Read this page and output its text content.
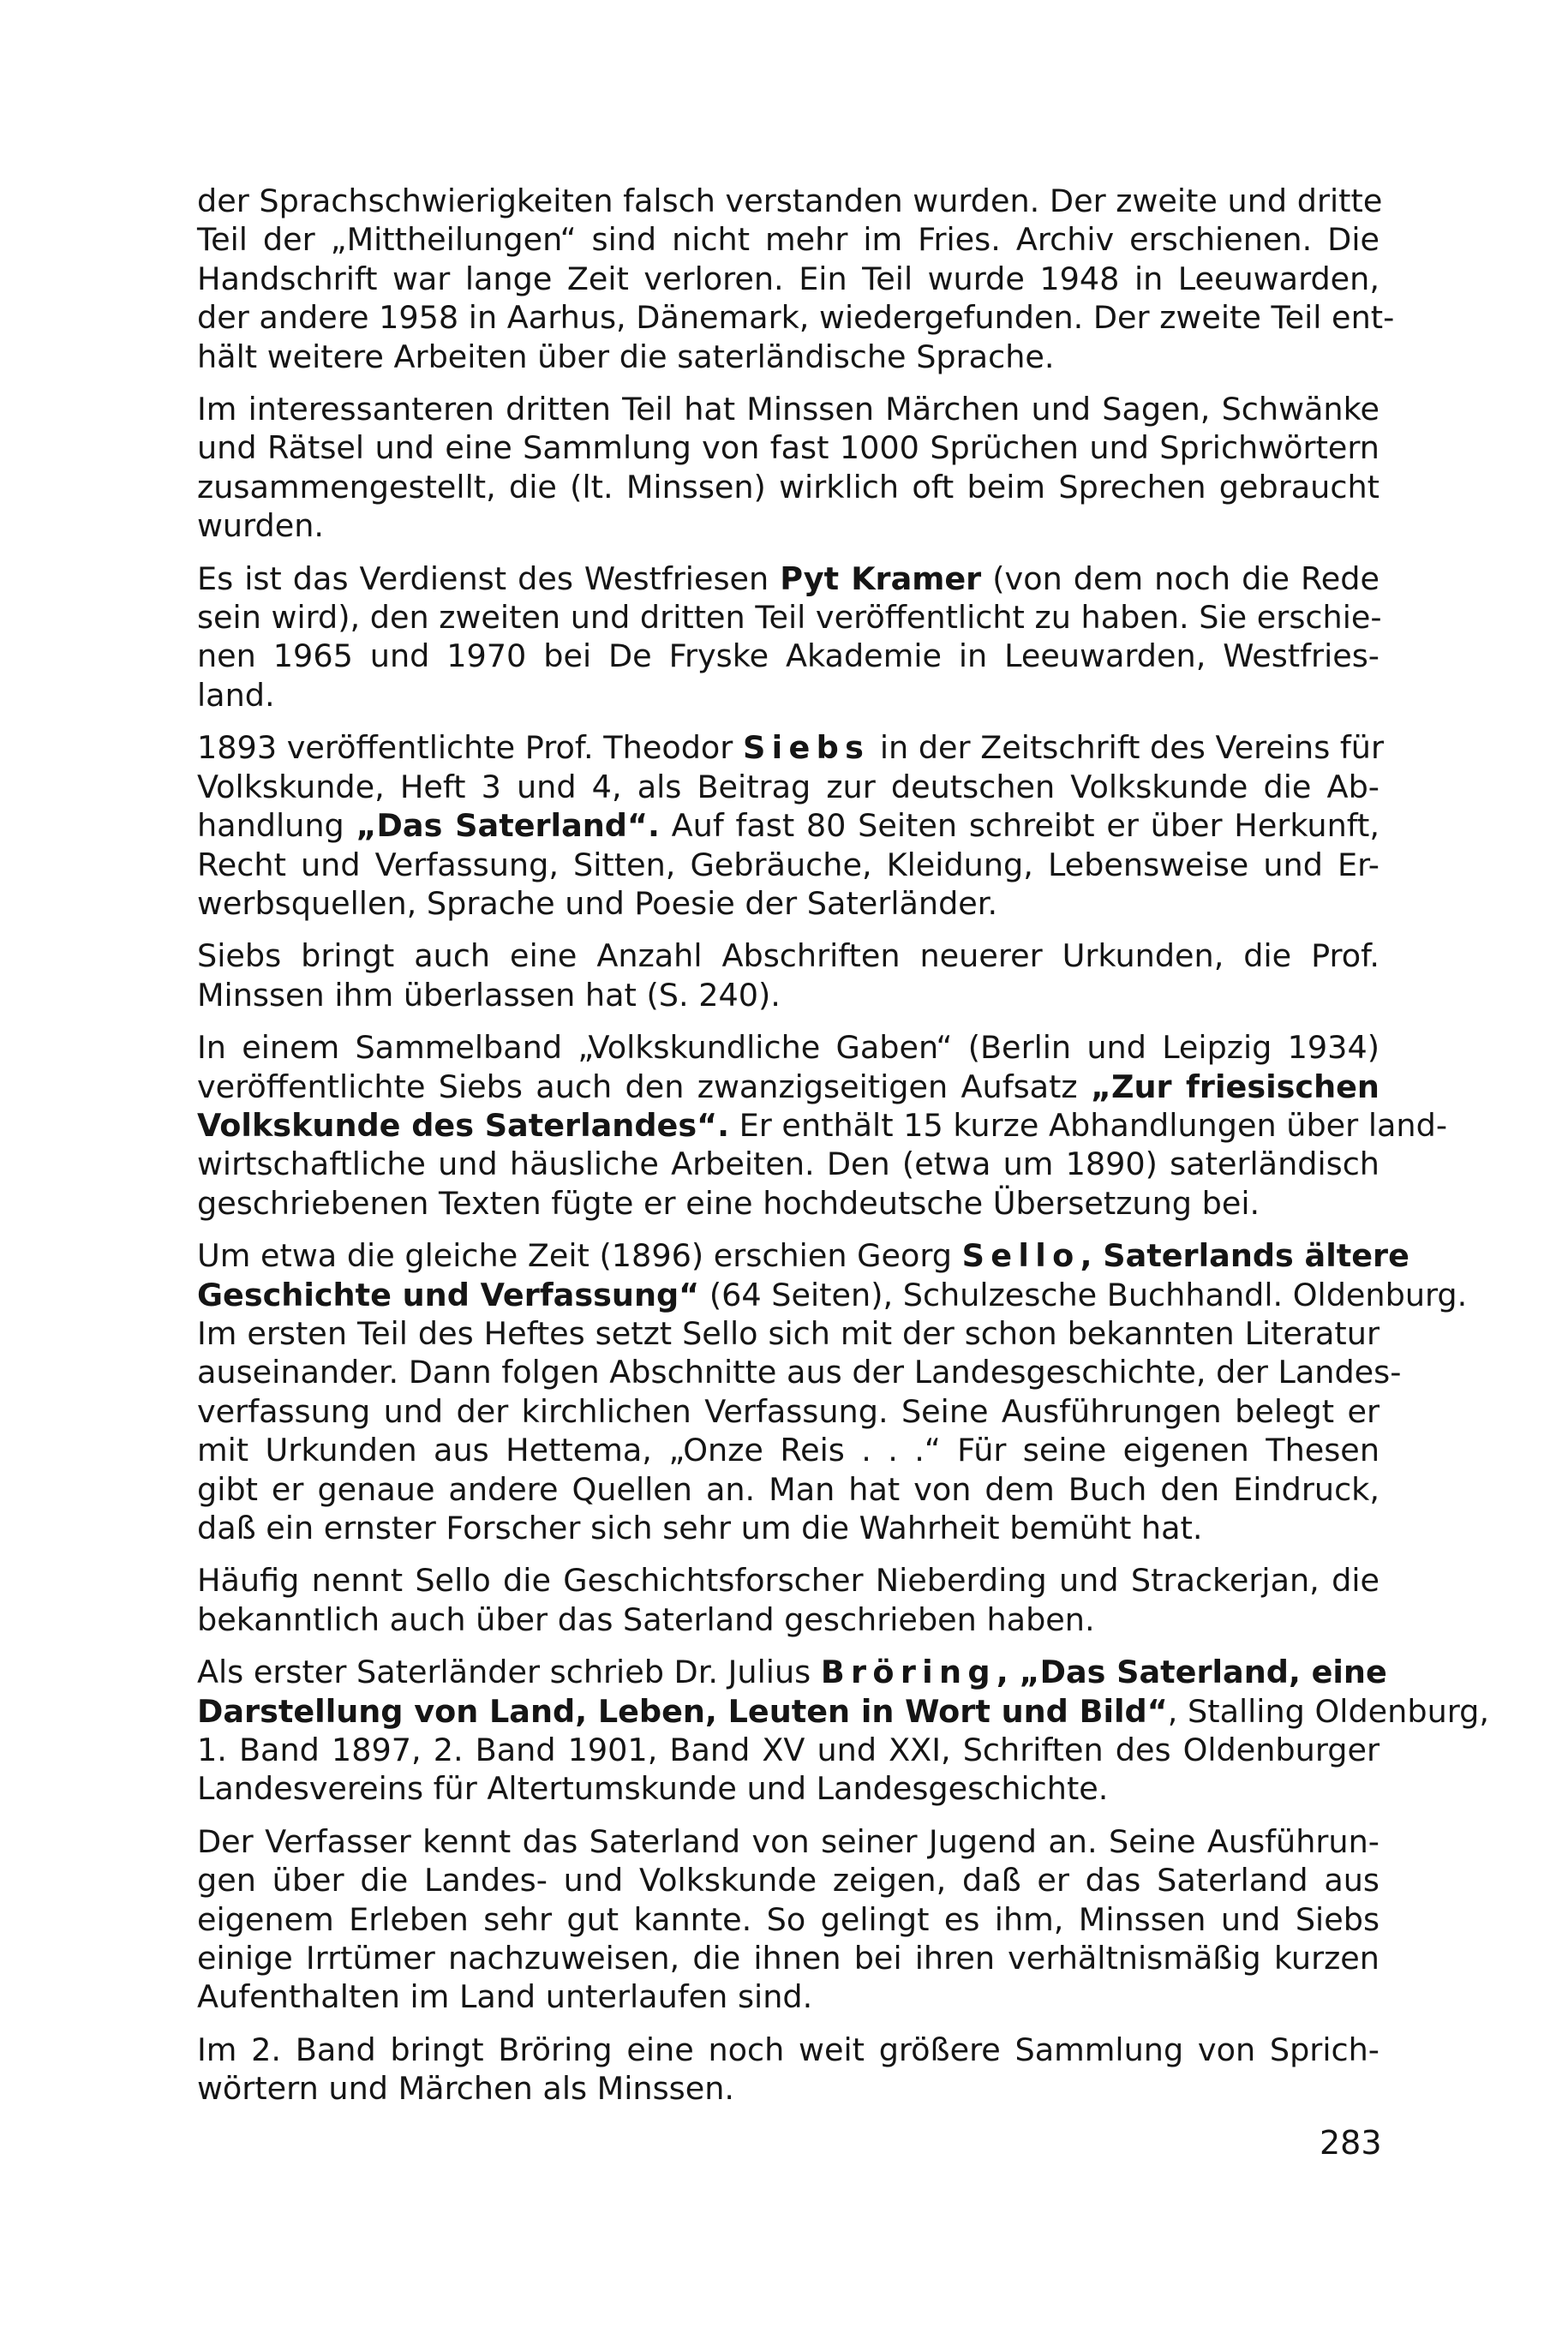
der Sprachschwierigkeiten falsch verstanden wurden. Der zweite und dritte
Teil der „Mittheilungen“ sind nicht mehr im Fries. Archiv erschienen. Die
Handschrift war lange Zeit verloren. Ein Teil wurde 1948 in Leeuwarden,
der andere 1958 in Aarhus, Dänemark, wiedergefunden. Der zweite Teil ent-
hält weitere Arbeiten über die saterländische Sprache.

Im interessanteren dritten Teil hat Minssen Märchen und Sagen, Schwänke
und Rätsel und eine Sammlung von fast 1000 Sprüchen und Sprichwörtern
zusammengestellt, die (lt. Minssen) wirklich oft beim Sprechen gebraucht
wurden.

Es ist das Verdienst des Westfriesen Pyt Kramer (von dem noch die Rede
sein wird), den zweiten und dritten Teil veröffentlicht zu haben. Sie erschie-
nen 1965 und 1970 bei De Fryske Akademie in Leeuwarden, Westfries-
land.

1893 veröffentlichte Prof. Theodor Siebs in der Zeitschrift des Vereins für
Volkskunde, Heft 3 und 4, als Beitrag zur deutschen Volkskunde die Ab-
handlung „Das Saterland“. Auf fast 80 Seiten schreibt er über Herkunft,
Recht und Verfassung, Sitten, Gebräuche, Kleidung, Lebensweise und Er-
werbsquellen, Sprache und Poesie der Saterländer.

Siebs bringt auch eine Anzahl Abschriften neuerer Urkunden, die Prof.
Minssen ihm überlassen hat (S. 240).

In einem Sammelband „Volkskundliche Gaben“ (Berlin und Leipzig 1934)
veröffentlichte Siebs auch den zwanzigseitigen Aufsatz „Zur friesischen
Volkskunde des Saterlandes“. Er enthält 15 kurze Abhandlungen über land-
wirtschaftliche und häusliche Arbeiten. Den (etwa um 1890) saterländisch
geschriebenen Texten fügte er eine hochdeutsche Übersetzung bei.

Um etwa die gleiche Zeit (1896) erschien Georg Sello, Saterlands ältere
Geschichte und Verfassung“ (64 Seiten), Schulzesche Buchhandl. Oldenburg.
Im ersten Teil des Heftes setzt Sello sich mit der schon bekannten Literatur
auseinander. Dann folgen Abschnitte aus der Landesgeschichte, der Landes-
verfassung und der kirchlichen Verfassung. Seine Ausführungen belegt er
mit Urkunden aus Hettema, „Onze Reis . . .“ Für seine eigenen Thesen
gibt er genaue andere Quellen an. Man hat von dem Buch den Eindruck,
daß ein ernster Forscher sich sehr um die Wahrheit bemüht hat.

Häufig nennt Sello die Geschichtsforscher Nieberding und Strackerjan, die
bekanntlich auch über das Saterland geschrieben haben.

Als erster Saterländer schrieb Dr. Julius Bröring, „Das Saterland, eine
Darstellung von Land, Leben, Leuten in Wort und Bild“, Stalling Oldenburg,
1. Band 1897, 2. Band 1901, Band XV und XXI, Schriften des Oldenburger
Landesvereins für Altertumskunde und Landesgeschichte.

Der Verfasser kennt das Saterland von seiner Jugend an. Seine Ausführun-
gen über die Landes- und Volkskunde zeigen, daß er das Saterland aus
eigenem Erleben sehr gut kannte. So gelingt es ihm, Minssen und Siebs
einige Irrtümer nachzuweisen, die ihnen bei ihren verhältnismäßig kurzen
Aufenthalten im Land unterlaufen sind.

Im 2. Band bringt Bröring eine noch weit größere Sammlung von Sprich-
wörtern und Märchen als Minssen.

283
